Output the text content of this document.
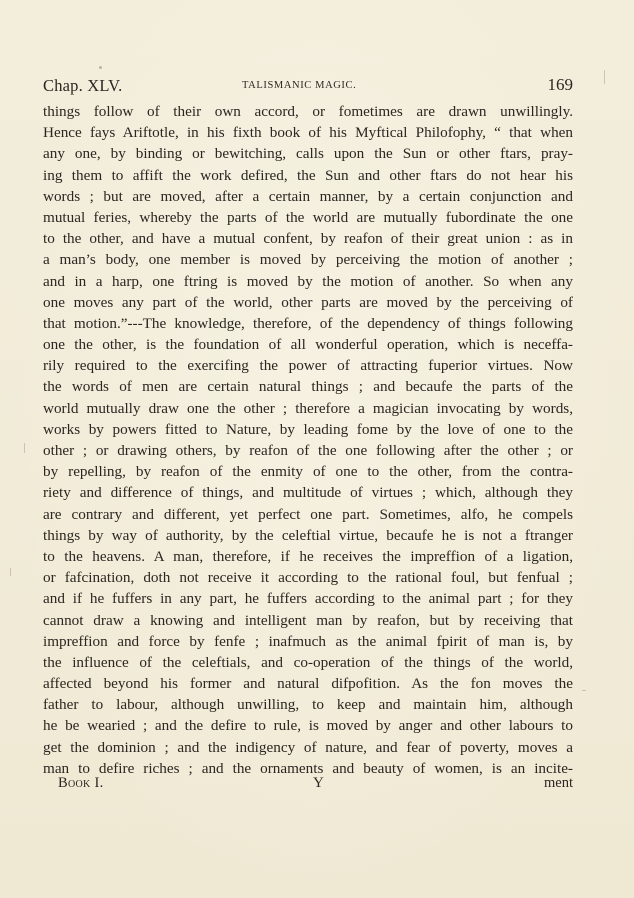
Chap. XLV.	TALISMANIC MAGIC.	169
things follow of their own accord, or fometimes are drawn unwillingly.
Hence fays Ariftotle, in his fixth book of his Myftical Philofophy, “ that when
any one, by binding or bewitching, calls upon the Sun or other ftars, pray-
ing them to affift the work defired, the Sun and other ftars do not hear his
words ; but are moved, after a certain manner, by a certain conjunction and
mutual feries, whereby the parts of the world are mutually fubordinate the one
to the other, and have a mutual confent, by reafon of their great union : as in
a man’s body, one member is moved by perceiving the motion of another ;
and in a harp, one ftring is moved by the motion of another. So when any
one moves any part of the world, other parts are moved by the perceiving of
that motion.”---The knowledge, therefore, of the dependency of things following
one the other, is the foundation of all wonderful operation, which is neceffa-
rily required to the exercifing the power of attracting fuperior virtues. Now
the words of men are certain natural things ; and becaufe the parts of the
world mutually draw one the other ; therefore a magician invocating by words,
works by powers fitted to Nature, by leading fome by the love of one to the
other ; or drawing others, by reafon of the one following after the other ; or
by repelling, by reafon of the enmity of one to the other, from the contra-
riety and difference of things, and multitude of virtues ; which, although they
are contrary and different, yet perfect one part. Sometimes, alfo, he compels
things by way of authority, by the celeftial virtue, becaufe he is not a ftranger
to the heavens. A man, therefore, if he receives the impreffion of a ligation,
or fafcination, doth not receive it according to the rational foul, but fenfual ;
and if he fuffers in any part, he fuffers according to the animal part ; for they
cannot draw a knowing and intelligent man by reafon, but by receiving that
impreffion and force by fenfe ; inafmuch as the animal fpirit of man is, by
the influence of the celeftials, and co-operation of the things of the world,
affected beyond his former and natural difpofition. As the fon moves the
father to labour, although unwilling, to keep and maintain him, although
he be wearied ; and the defire to rule, is moved by anger and other labours to
get the dominion ; and the indigency of nature, and fear of poverty, moves a
man to defire riches ; and the ornaments and beauty of women, is an incite-
Book I.	Y	ment
